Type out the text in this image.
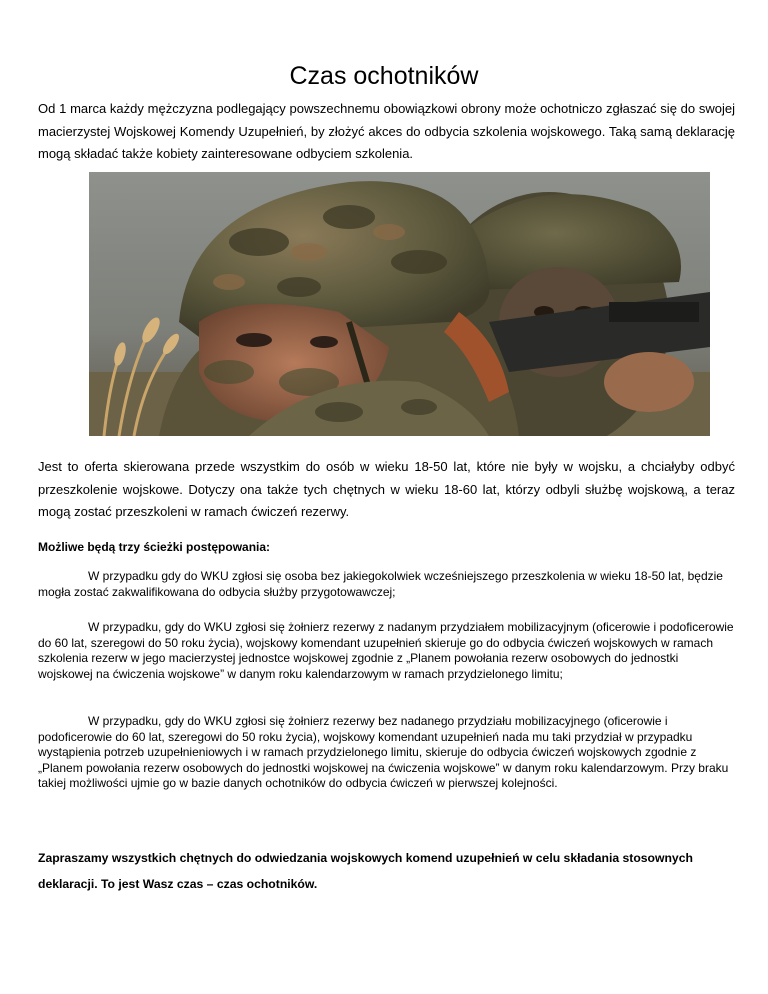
Czas ochotników

Od 1 marca każdy mężczyzna podlegający powszechnemu obowiązkowi obrony może ochotniczo zgłaszać się do swojej macierzystej Wojskowej Komendy Uzupełnień, by złożyć akces do odbycia szkolenia wojskowego. Taką samą deklarację mogą składać także kobiety zainteresowane odbyciem szkolenia.

Jest to oferta skierowana przede wszystkim do osób w wieku 18-50 lat, które nie były w wojsku, a chciałyby odbyć przeszkolenie wojskowe. Dotyczy ona także tych chętnych w wieku 18-60 lat, którzy odbyli służbę wojskową, a teraz mogą zostać przeszkoleni w ramach ćwiczeń rezerwy.

Możliwe będą trzy ścieżki postępowania:

W przypadku gdy do WKU zgłosi się osoba bez jakiegokolwiek wcześniejszego przeszkolenia w wieku 18-50 lat, będzie mogła zostać zakwalifikowana do odbycia służby przygotowawczej;

W przypadku, gdy do WKU zgłosi się żołnierz rezerwy z nadanym przydziałem mobilizacyjnym (oficerowie i podoficerowie do 60 lat, szeregowi do 50 roku życia), wojskowy komendant uzupełnień skieruje go do odbycia ćwiczeń wojskowych w ramach szkolenia rezerw w jego macierzystej jednostce wojskowej zgodnie z „Planem powołania rezerw osobowych do jednostki wojskowej na ćwiczenia wojskowe” w danym roku kalendarzowym w ramach przydzielonego limitu;

W przypadku, gdy do WKU zgłosi się żołnierz rezerwy bez nadanego przydziału mobilizacyjnego (oficerowie i podoficerowie do 60 lat, szeregowi do 50 roku życia), wojskowy komendant uzupełnień nada mu taki przydział w przypadku wystąpienia potrzeb uzupełnieniowych i w ramach przydzielonego limitu, skieruje do odbycia ćwiczeń wojskowych zgodnie z „Planem powołania rezerw osobowych do jednostki wojskowej na ćwiczenia wojskowe” w danym roku kalendarzowym. Przy braku takiej możliwości ujmie go w bazie danych ochotników do odbycia ćwiczeń w pierwszej kolejności.

Zapraszamy wszystkich chętnych do odwiedzania wojskowych komend uzupełnień w celu składania stosownych deklaracji. To jest Wasz czas – czas ochotników.
